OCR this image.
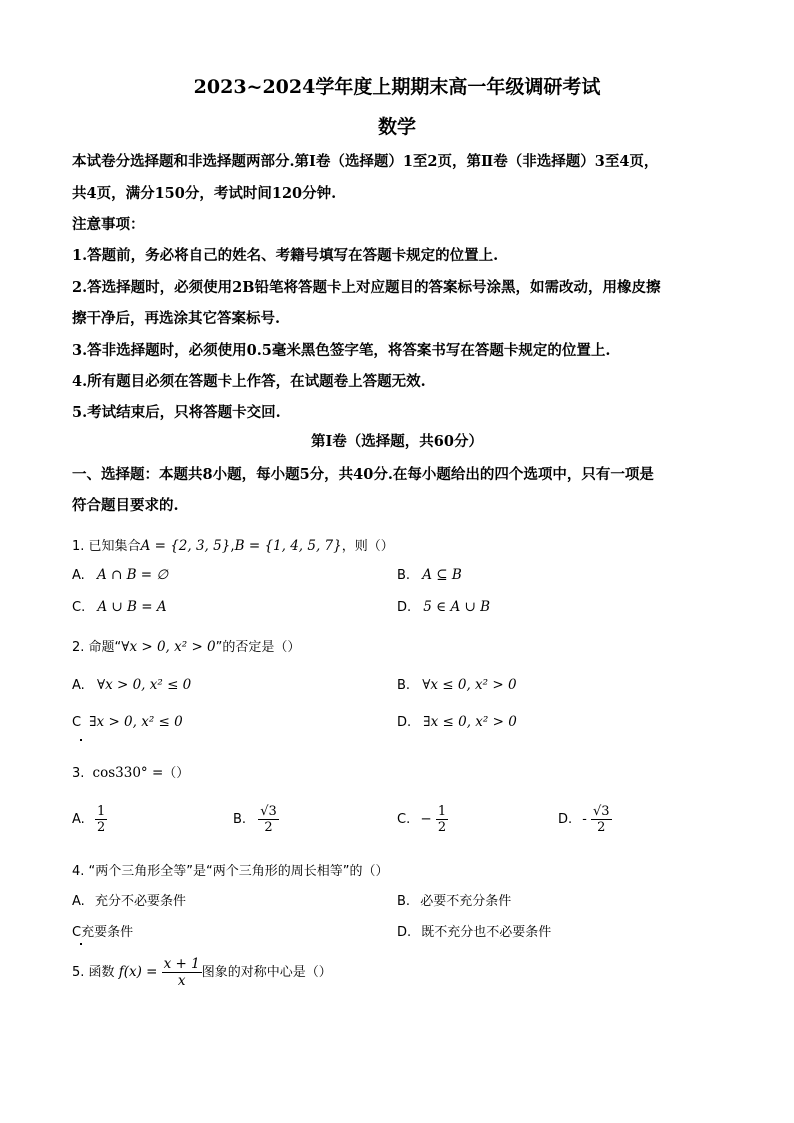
2023~2024学年度上期期末高一年级调研考试
数学
本试卷分选择题和非选择题两部分.第Ⅰ卷（选择题）1至2页，第Ⅱ卷（非选择题）3至4页，
共4页，满分150分，考试时间120分钟.
注意事项：
1.答题前，务必将自己的姓名、考籍号填写在答题卡规定的位置上.
2.答选择题时，必须使用2B铅笔将答题卡上对应题目的答案标号涂黑，如需改动，用橡皮擦
擦干净后，再选涂其它答案标号.
3.答非选择题时，必须使用0.5毫米黑色签字笔，将答案书写在答题卡规定的位置上.
4.所有题目必须在答题卡上作答，在试题卷上答题无效.
5.考试结束后，只将答题卡交回.
第Ⅰ卷（选择题，共60分）
一、选择题：本题共8小题，每小题5分，共40分.在每小题给出的四个选项中，只有一项是
符合题目要求的.
1. 已知集合A = {2, 3, 5},B = {1, 4, 5, 7}，则（）
A. A ∩ B = ∅	B. A ⊆ B
C. A ∪ B = A	D. 5 ∈ A ∪ B
2. 命题“∀x > 0, x² > 0”的否定是（）
A. ∀x > 0, x² ≤ 0	B. ∀x ≤ 0, x² > 0
C ∃x > 0, x² ≤ 0	D. ∃x ≤ 0, x² > 0
3. cos330° =（）
A. $\frac{1}{2}$	B. $\frac{√3}{2}$	C. − $\frac{1}{2}$	D. - $\frac{√3}{2}$
4. “两个三角形全等”是“两个三角形的周长相等”的（）
A. 充分不必要条件	B. 必要不充分条件
C充要条件	D. 既不充分也不必要条件
5. 函数 $f(x) = \frac{x + 1}{x}$ 图象的对称中心是（）
